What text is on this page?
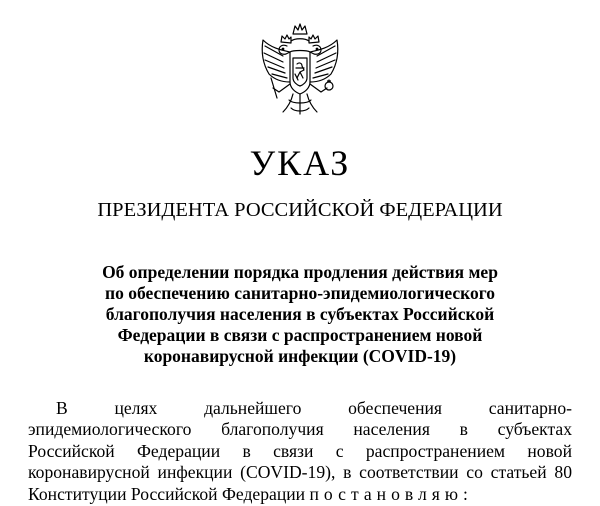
УКАЗ
ПРЕЗИДЕНТА РОССИЙСКОЙ ФЕДЕРАЦИИ
Об определении порядка продления действия мер
по обеспечению санитарно-эпидемиологического
благополучия населения в субъектах Российской
Федерации в связи с распространением новой
коронавирусной инфекции (COVID-19)
В целях дальнейшего обеспечения санитарно-
эпидемиологического благополучия населения в субъектах
Российской Федерации в связи с распространением новой
коронавирусной инфекции (COVID-19), в соответствии со статьей 80
Конституции Российской Федерации постановляю:
